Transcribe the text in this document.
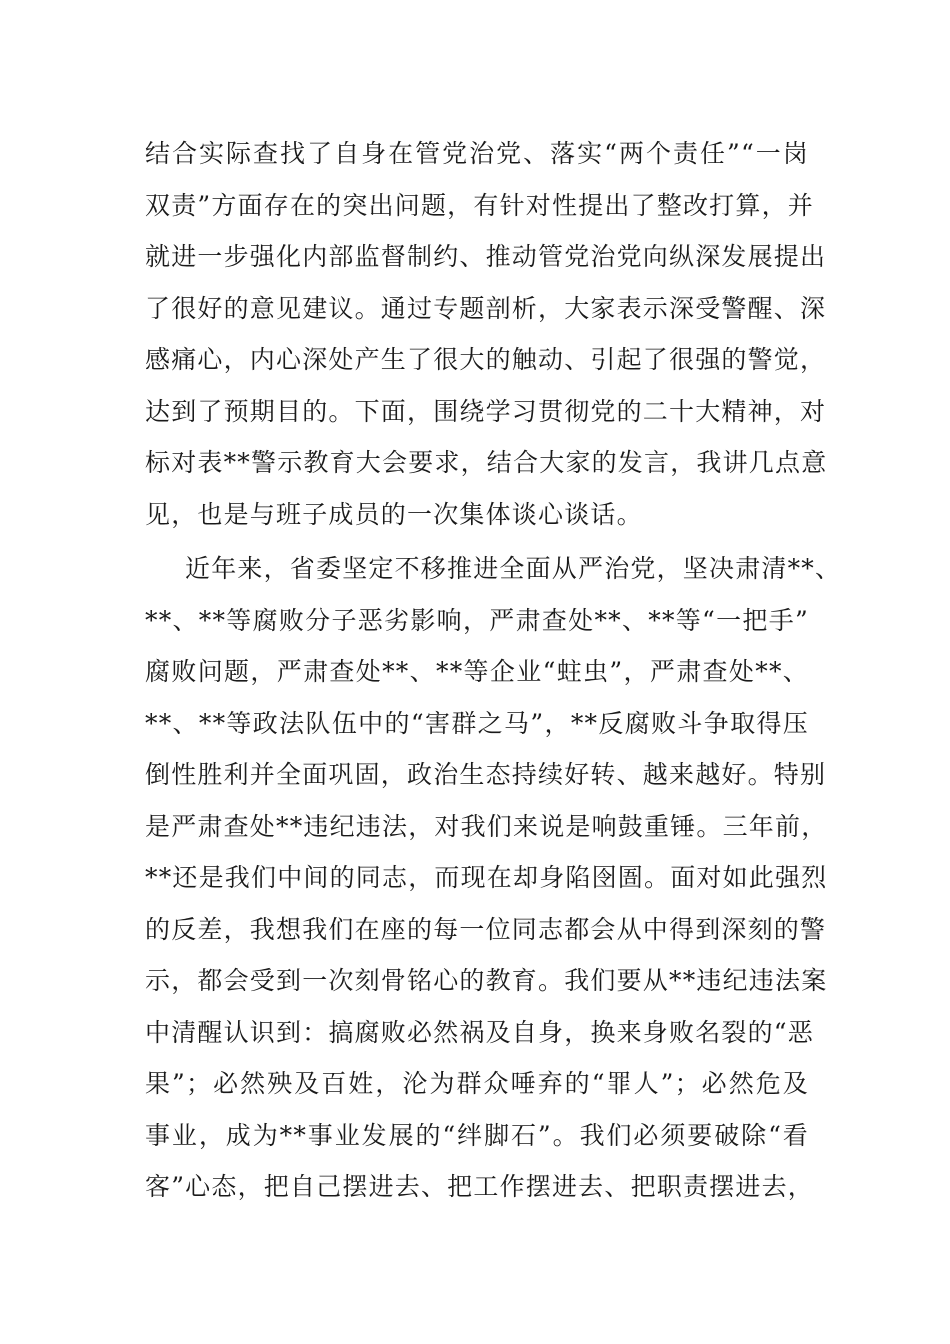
结合实际查找了自身在管党治党、落实“两个责任”“一岗
双责”方面存在的突出问题，有针对性提出了整改打算，并
就进一步强化内部监督制约、推动管党治党向纵深发展提出
了很好的意见建议。通过专题剖析，大家表示深受警醒、深
感痛心，内心深处产生了很大的触动、引起了很强的警觉，
达到了预期目的。下面，围绕学习贯彻党的二十大精神，对
标对表**警示教育大会要求，结合大家的发言，我讲几点意
见，也是与班子成员的一次集体谈心谈话。
近年来，省委坚定不移推进全面从严治党，坚决肃清**、
**、**等腐败分子恶劣影响，严肃查处**、**等“一把手”
腐败问题，严肃查处**、**等企业“蛀虫”，严肃查处**、
**、**等政法队伍中的“害群之马”，**反腐败斗争取得压
倒性胜利并全面巩固，政治生态持续好转、越来越好。特别
是严肃查处**违纪违法，对我们来说是响鼓重锤。三年前，
**还是我们中间的同志，而现在却身陷囹圄。面对如此强烈
的反差，我想我们在座的每一位同志都会从中得到深刻的警
示，都会受到一次刻骨铭心的教育。我们要从**违纪违法案
中清醒认识到：搞腐败必然祸及自身，换来身败名裂的“恶
果”；必然殃及百姓，沦为群众唾弃的“罪人”；必然危及
事业，成为**事业发展的“绊脚石”。我们必须要破除“看
客”心态，把自己摆进去、把工作摆进去、把职责摆进去，
